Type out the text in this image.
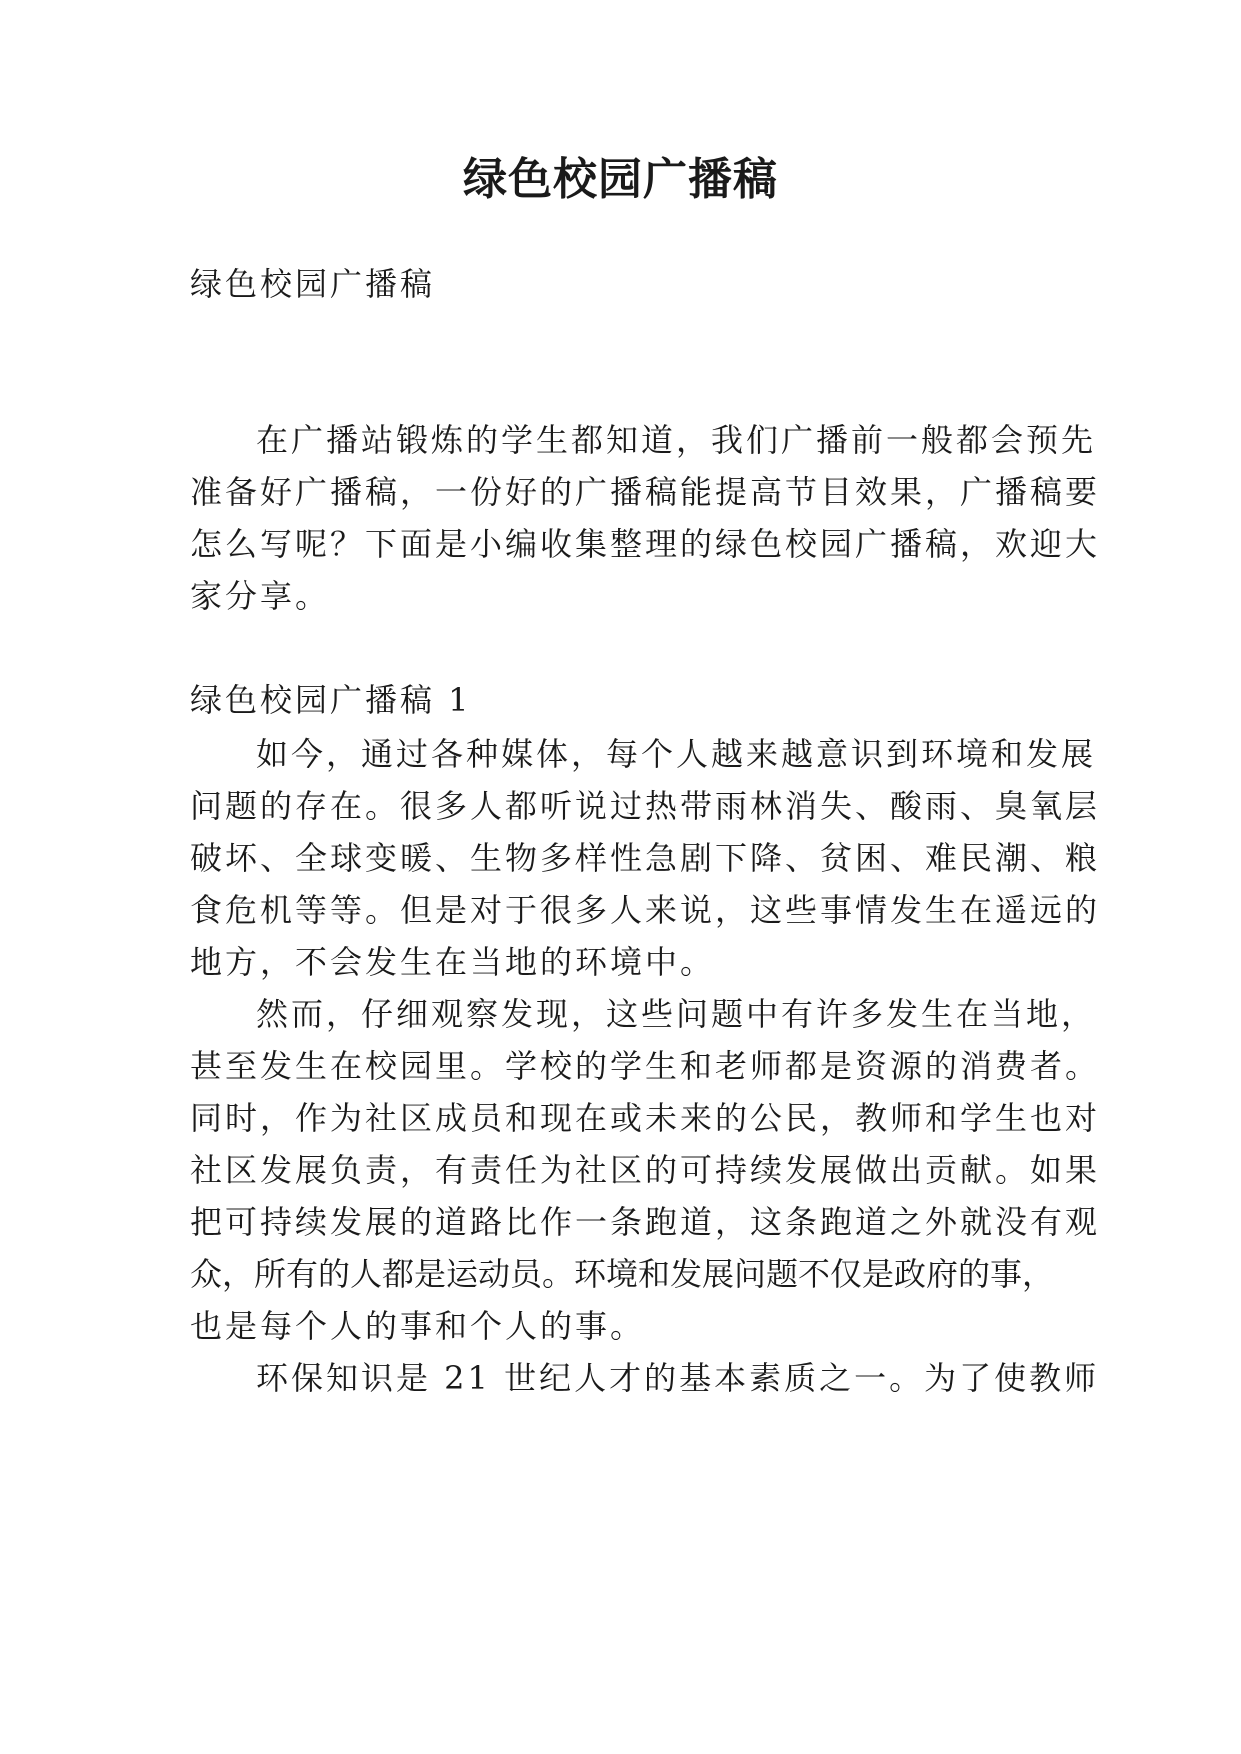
绿色校园广播稿

绿色校园广播稿

在广播站锻炼的学生都知道，我们广播前一般都会预先

准备好广播稿，一份好的广播稿能提高节目效果，广播稿要

怎么写呢？下面是小编收集整理的绿色校园广播稿，欢迎大

家分享。

绿色校园广播稿 1

如今，通过各种媒体，每个人越来越意识到环境和发展

问题的存在。很多人都听说过热带雨林消失、酸雨、臭氧层

破坏、全球变暖、生物多样性急剧下降、贫困、难民潮、粮

食危机等等。但是对于很多人来说，这些事情发生在遥远的

地方，不会发生在当地的环境中。

然而，仔细观察发现，这些问题中有许多发生在当地，

甚至发生在校园里。学校的学生和老师都是资源的消费者。

同时，作为社区成员和现在或未来的公民，教师和学生也对

社区发展负责，有责任为社区的可持续发展做出贡献。如果

把可持续发展的道路比作一条跑道，这条跑道之外就没有观

众，所有的人都是运动员。环境和发展问题不仅是政府的事，

也是每个人的事和个人的事。

环保知识是 21 世纪人才的基本素质之一。为了使教师
